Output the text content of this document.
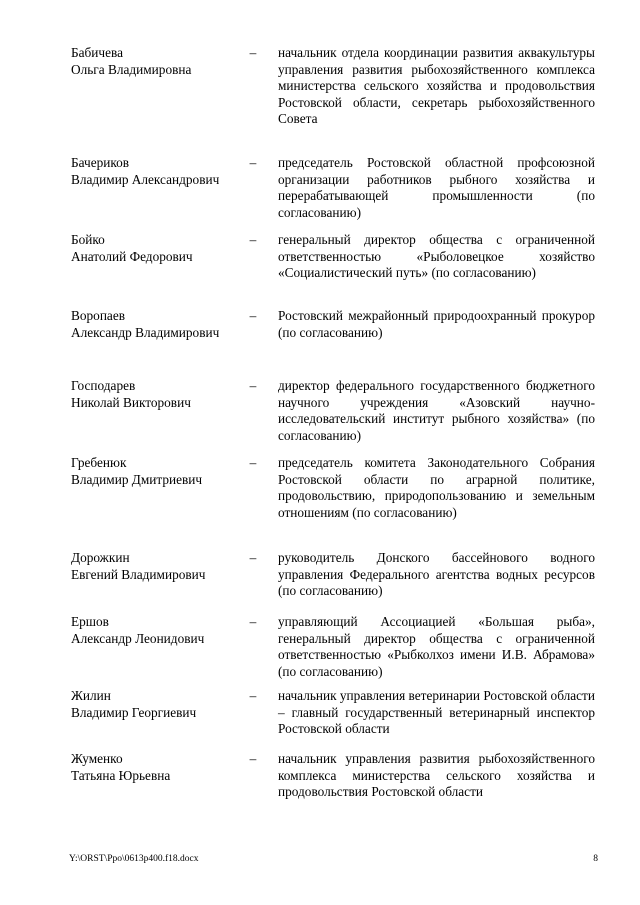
Бабичева
Ольга Владимировна
– начальник отдела координации развития аквакультуры управления развития рыбохозяйственного комплекса министерства сельского хозяйства и продовольствия Ростовской области, секретарь рыбохозяйственного Совета
Бачериков
Владимир Александрович
– председатель Ростовской областной профсоюзной организации работников рыбного хозяйства и перерабатывающей промышленности (по согласованию)
Бойко
Анатолий Федорович
– генеральный директор общества с ограниченной ответственностью «Рыболовецкое хозяйство «Социалистический путь» (по согласованию)
Воропаев
Александр Владимирович
– Ростовский межрайонный природоохранный прокурор (по согласованию)
Господарев
Николай Викторович
– директор федерального государственного бюджетного научного учреждения «Азовский научно-исследовательский институт рыбного хозяйства» (по согласованию)
Гребенюк
Владимир Дмитриевич
– председатель комитета Законодательного Собрания Ростовской области по аграрной политике, продовольствию, природопользованию и земельным отношениям (по согласованию)
Дорожкин
Евгений Владимирович
– руководитель Донского бассейнового водного управления Федерального агентства водных ресурсов (по согласованию)
Ершов
Александр Леонидович
– управляющий Ассоциацией «Большая рыба», генеральный директор общества с ограниченной ответственностью «Рыбколхоз имени И.В. Абрамова» (по согласованию)
Жилин
Владимир Георгиевич
– начальник управления ветеринарии Ростовской области – главный государственный ветеринарный инспектор Ростовской области
Жуменко
Татьяна Юрьевна
– начальник управления развития рыбохозяйственного комплекса министерства сельского хозяйства и продовольствия Ростовской области
Y:\ORST\Ppo\0613p400.f18.docx	8
